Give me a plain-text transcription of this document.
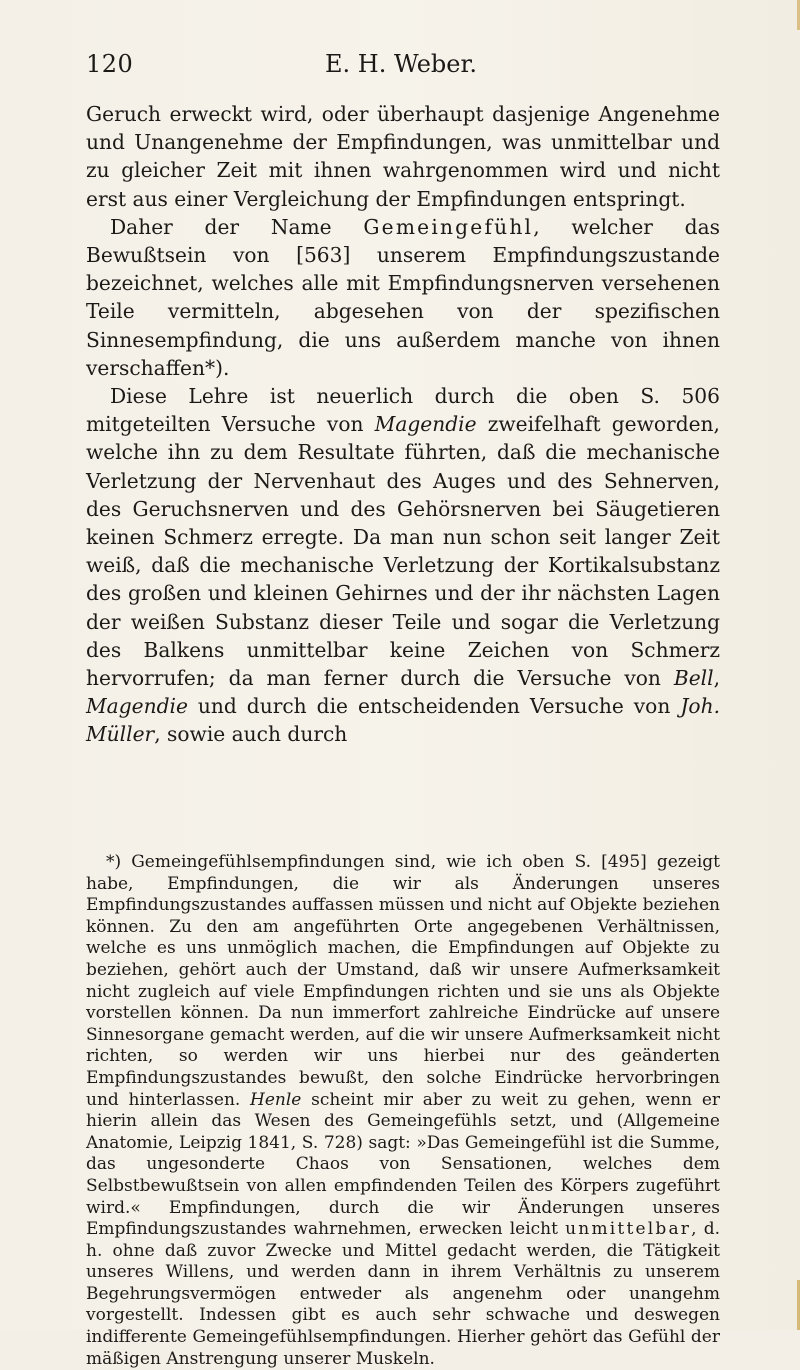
120	E. H. Weber.

Geruch erweckt wird, oder überhaupt dasjenige Angenehme und Unangenehme der Empfindungen, was unmittelbar und zu gleicher Zeit mit ihnen wahrgenommen wird und nicht erst aus einer Vergleichung der Empfindungen entspringt.

Daher der Name Gemeingefühl, welcher das Bewußtsein von [563] unserem Empfindungszustande bezeichnet, welches alle mit Empfindungsnerven versehenen Teile vermitteln, abgesehen von der spezifischen Sinnesempfindung, die uns außerdem manche von ihnen verschaffen*).

Diese Lehre ist neuerlich durch die oben S. 506 mitgeteilten Versuche von Magendie zweifelhaft geworden, welche ihn zu dem Resultate führten, daß die mechanische Verletzung der Nervenhaut des Auges und des Sehnerven, des Geruchsnerven und des Gehörsnerven bei Säugetieren keinen Schmerz erregte. Da man nun schon seit langer Zeit weiß, daß die mechanische Verletzung der Kortikalsubstanz des großen und kleinen Gehirnes und der ihr nächsten Lagen der weißen Substanz dieser Teile und sogar die Verletzung des Balkens unmittelbar keine Zeichen von Schmerz hervorrufen; da man ferner durch die Versuche von Bell, Magendie und durch die entscheidenden Versuche von Joh. Müller, sowie auch durch

*) Gemeingefühlsempfindungen sind, wie ich oben S. [495] gezeigt habe, Empfindungen, die wir als Änderungen unseres Empfindungszustandes auffassen müssen und nicht auf Objekte beziehen können. Zu den am angeführten Orte angegebenen Verhältnissen, welche es uns unmöglich machen, die Empfindungen auf Objekte zu beziehen, gehört auch der Umstand, daß wir unsere Aufmerksamkeit nicht zugleich auf viele Empfindungen richten und sie uns als Objekte vorstellen können. Da nun immerfort zahlreiche Eindrücke auf unsere Sinnesorgane gemacht werden, auf die wir unsere Aufmerksamkeit nicht richten, so werden wir uns hierbei nur des geänderten Empfindungszustandes bewußt, den solche Eindrücke hervorbringen und hinterlassen. Henle scheint mir aber zu weit zu gehen, wenn er hierin allein das Wesen des Gemeingefühls setzt, und (Allgemeine Anatomie, Leipzig 1841, S. 728) sagt: »Das Gemeingefühl ist die Summe, das ungesonderte Chaos von Sensationen, welches dem Selbstbewußtsein von allen empfindenden Teilen des Körpers zugeführt wird.« Empfindungen, durch die wir Änderungen unseres Empfindungszustandes wahrnehmen, erwecken leicht unmittelbar, d. h. ohne daß zuvor Zwecke und Mittel gedacht werden, die Tätigkeit unseres Willens, und werden dann in ihrem Verhältnis zu unserem Begehrungsvermögen entweder als angenehm oder unangehm vorgestellt. Indessen gibt es auch sehr schwache und deswegen indifferente Gemeingefühlsempfindungen. Hierher gehört das Gefühl der mäßigen Anstrengung unserer Muskeln.
